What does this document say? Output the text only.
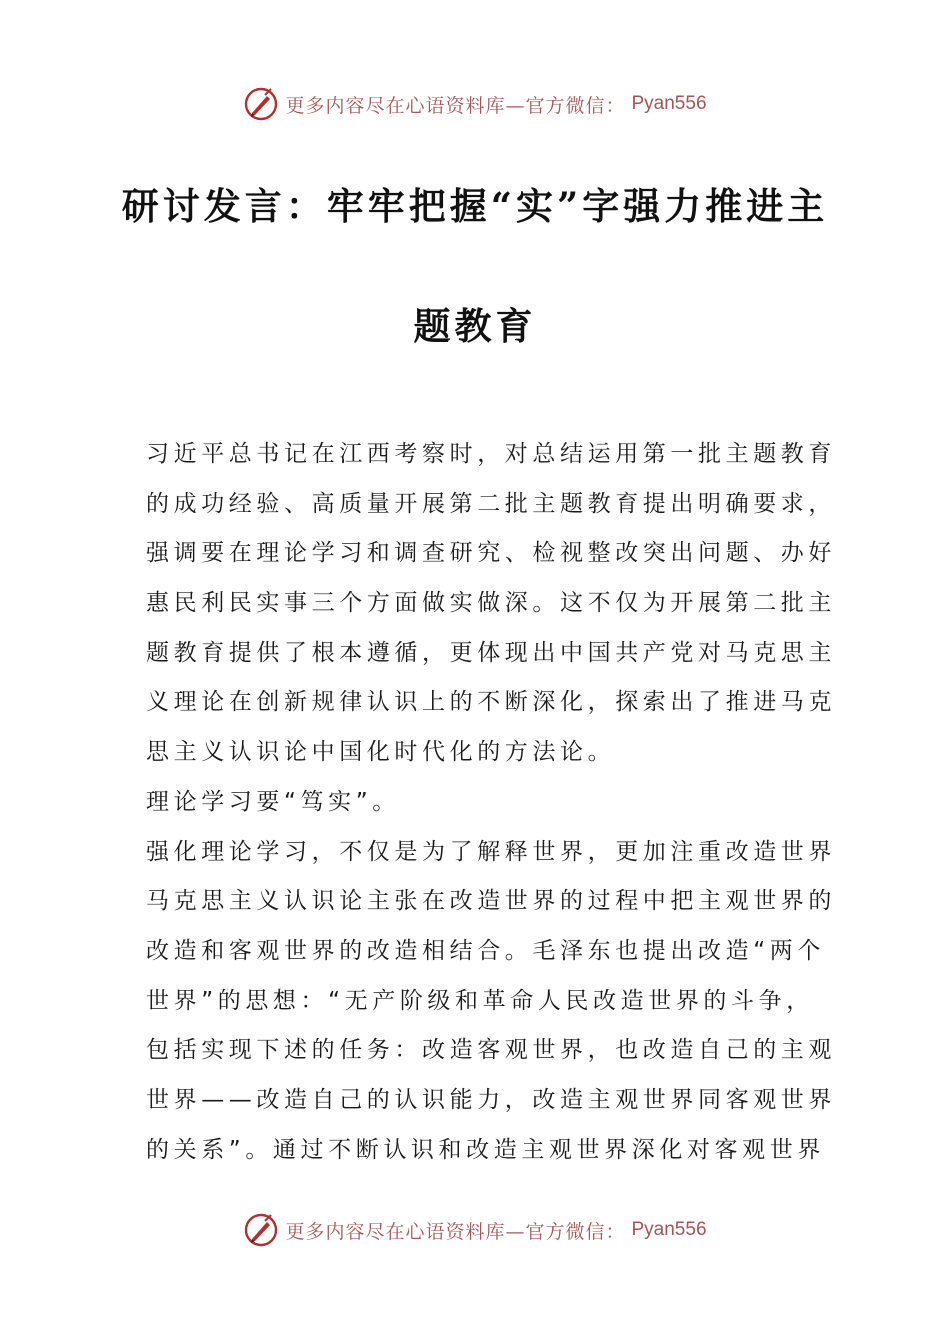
更多内容尽在心语资料库—官方微信： Pyan556
研讨发言：牢牢把握“实”字强力推进主
题教育
习近平总书记在江西考察时，对总结运用第一批主题教育
的成功经验、高质量开展第二批主题教育提出明确要求，
强调要在理论学习和调查研究、检视整改突出问题、办好
惠民利民实事三个方面做实做深。这不仅为开展第二批主
题教育提供了根本遵循，更体现出中国共产党对马克思主
义理论在创新规律认识上的不断深化，探索出了推进马克
思主义认识论中国化时代化的方法论。
理论学习要“笃实”。
强化理论学习，不仅是为了解释世界，更加注重改造世界
马克思主义认识论主张在改造世界的过程中把主观世界的
改造和客观世界的改造相结合。毛泽东也提出改造“两个
世界”的思想：“无产阶级和革命人民改造世界的斗争，
包括实现下述的任务：改造客观世界，也改造自己的主观
世界——改造自己的认识能力，改造主观世界同客观世界
的关系”。通过不断认识和改造主观世界深化对客观世界
更多内容尽在心语资料库—官方微信： Pyan556
